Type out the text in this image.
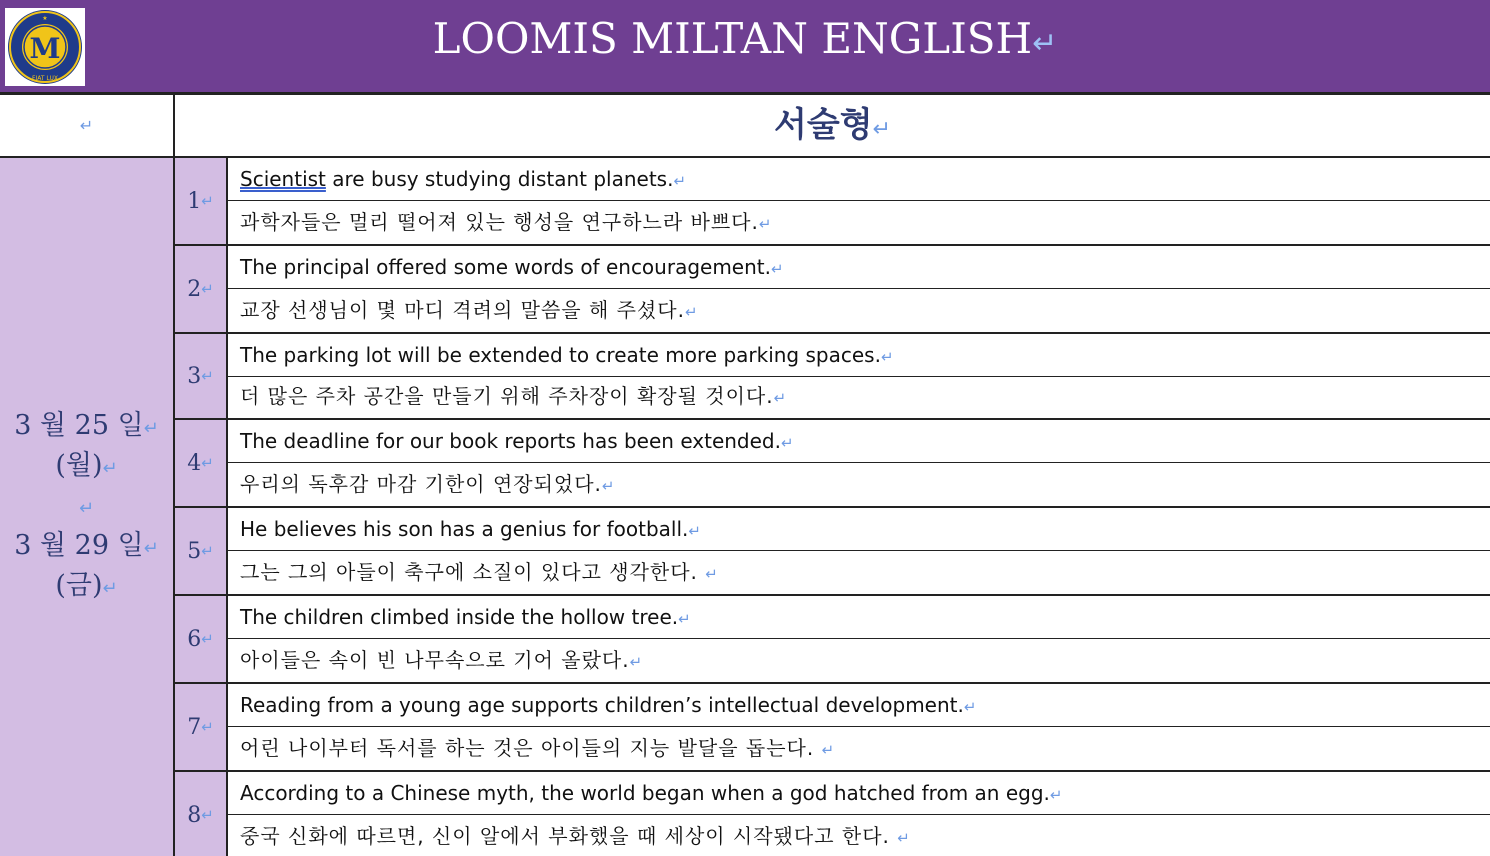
M
★
FIAT LUX
LOOMIS MILTAN ENGLISH↵
↵	서술형↵
3 월 25 일↵
(월)↵
↵
3 월 29 일↵
(금)↵
1 ↵
Scientist are busy studying distant planets.↵
과학자들은 멀리 떨어져 있는 행성을 연구하느라 바쁘다.↵
2 ↵
The principal offered some words of encouragement.↵
교장 선생님이 몇 마디 격려의 말씀을 해 주셨다.↵
3 ↵
The parking lot will be extended to create more parking spaces.↵
더 많은 주차 공간을 만들기 위해 주차장이 확장될 것이다.↵
4 ↵
The deadline for our book reports has been extended.↵
우리의 독후감 마감 기한이 연장되었다.↵
5 ↵
He believes his son has a genius for football.↵
그는 그의 아들이 축구에 소질이 있다고 생각한다. ↵
6 ↵
The children climbed inside the hollow tree.↵
아이들은 속이 빈 나무속으로 기어 올랐다.↵
7 ↵
Reading from a young age supports children’s intellectual development.↵
어린 나이부터 독서를 하는 것은 아이들의 지능 발달을 돕는다. ↵
8 ↵
According to a Chinese myth, the world began when a god hatched from an egg.↵
중국 신화에 따르면, 신이 알에서 부화했을 때 세상이 시작됐다고 한다. ↵
